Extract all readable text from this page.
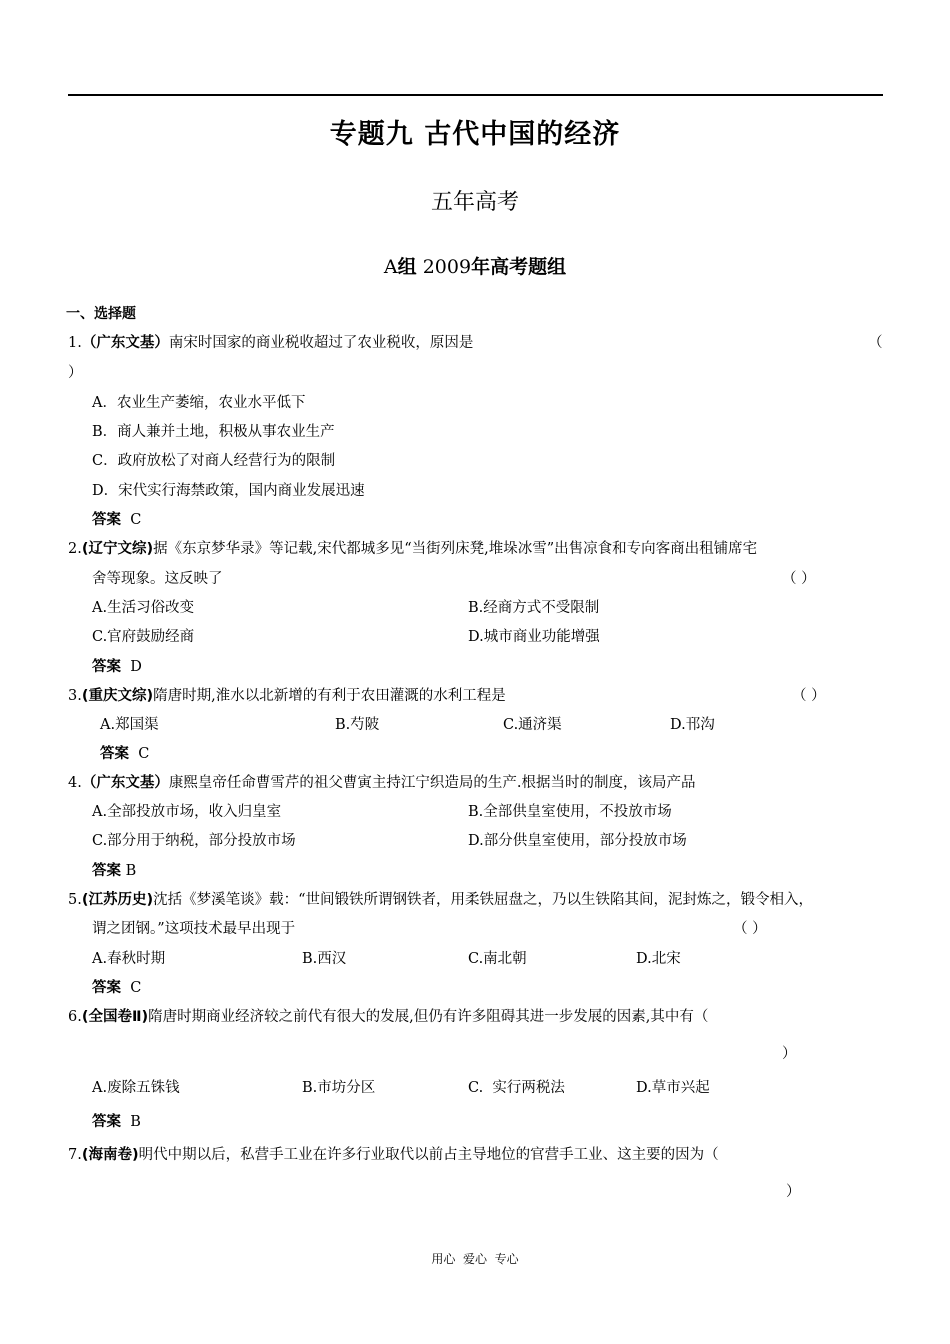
专题九 古代中国的经济
五年高考
A组 2009年高考题组
一、选择题
1.（广东文基）南宋时国家的商业税收超过了农业税收，原因是	（
）
A．农业生产萎缩，农业水平低下
B．商人兼并土地，积极从事农业生产
C．政府放松了对商人经营行为的限制
D．宋代实行海禁政策，国内商业发展迅速
答案 C
2.(辽宁文综)据《东京梦华录》等记载,宋代都城多见“当街列床凳,堆垛冰雪”出售凉食和专向客商出租铺席宅
舍等现象。这反映了	（ ）
A.生活习俗改变	B.经商方式不受限制
C.官府鼓励经商	D.城市商业功能增强
答案 D
3.(重庆文综)隋唐时期,淮水以北新增的有利于农田灌溉的水利工程是	（ ）
A.郑国渠	B.芍陂	C.通济渠	D.邗沟
答案 C
4.（广东文基）康熙皇帝任命曹雪芹的祖父曹寅主持江宁织造局的生产.根据当时的制度，该局产品
A.全部投放市场，收入归皇室	B.全部供皇室使用，不投放市场
C.部分用于纳税，部分投放市场	D.部分供皇室使用，部分投放市场
答案 B
5.(江苏历史)沈括《梦溪笔谈》载：“世间锻铁所谓钢铁者，用柔铁屈盘之，乃以生铁陷其间，泥封炼之，锻令相入，
谓之团钢。”这项技术最早出现于	（ ）
A.春秋时期	B.西汉	C.南北朝	D.北宋
答案 C
6.(全国卷Ⅱ)隋唐时期商业经济较之前代有很大的发展,但仍有许多阻碍其进一步发展的因素,其中有（
）
A.废除五铢钱	B.市坊分区	C.  实行两税法	D.草市兴起
答案 B
7.(海南卷)明代中期以后，私营手工业在许多行业取代以前占主导地位的官营手工业、这主要的因为（
）
用心  爱心  专心
